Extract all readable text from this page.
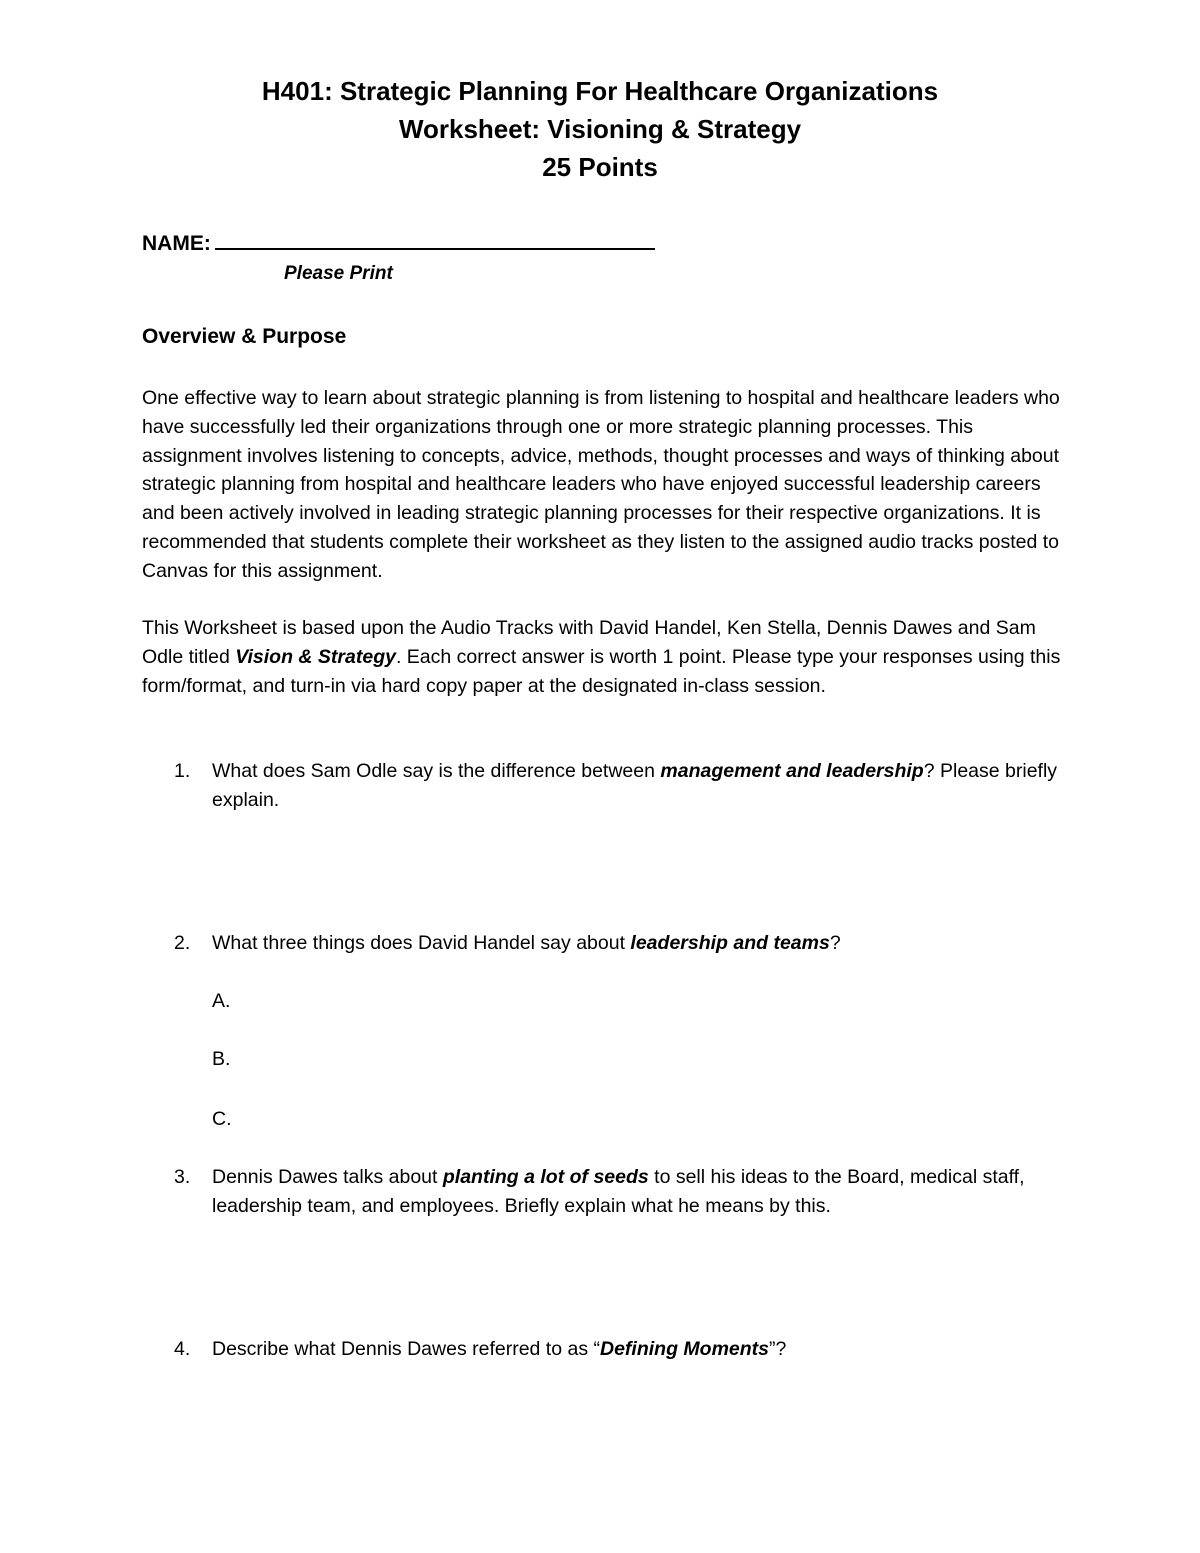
H401: Strategic Planning For Healthcare Organizations
Worksheet: Visioning & Strategy
25 Points
NAME:
Please Print
Overview & Purpose

One effective way to learn about strategic planning is from listening to hospital and healthcare leaders who have successfully led their organizations through one or more strategic planning processes. This assignment involves listening to concepts, advice, methods, thought processes and ways of thinking about strategic planning from hospital and healthcare leaders who have enjoyed successful leadership careers and been actively involved in leading strategic planning processes for their respective organizations. It is recommended that students complete their worksheet as they listen to the assigned audio tracks posted to Canvas for this assignment.

This Worksheet is based upon the Audio Tracks with David Handel, Ken Stella, Dennis Dawes and Sam Odle titled Vision & Strategy. Each correct answer is worth 1 point. Please type your responses using this form/format, and turn-in via hard copy paper at the designated in-class session.

1.	What does Sam Odle say is the difference between management and leadership? Please briefly explain.
2.	What three things does David Handel say about leadership and teams?
A.
B.
C.
3.	Dennis Dawes talks about planting a lot of seeds to sell his ideas to the Board, medical staff, leadership team, and employees. Briefly explain what he means by this.
4.	Describe what Dennis Dawes referred to as “Defining Moments”?
